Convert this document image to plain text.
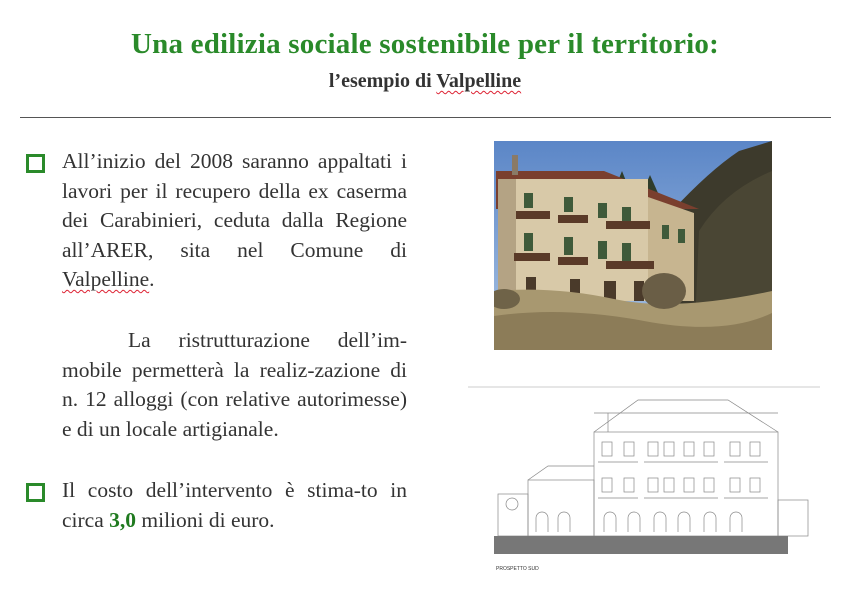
Una edilizia sociale sostenibile per il territorio:
l’esempio di Valpelline
All’inizio del 2008 saranno appaltati i lavori per il recupero della ex caserma dei Carabinieri, ceduta dalla Regione all’ARER, sita nel Comune di Valpelline.
La ristrutturazione dell’im-mobile permetterà la realiz-zazione di n. 12 alloggi (con relative autorimesse) e di un locale artigianale.
Il costo dell’intervento è stima-to in circa 3,0 milioni di euro.
PROSPETTO SUD
